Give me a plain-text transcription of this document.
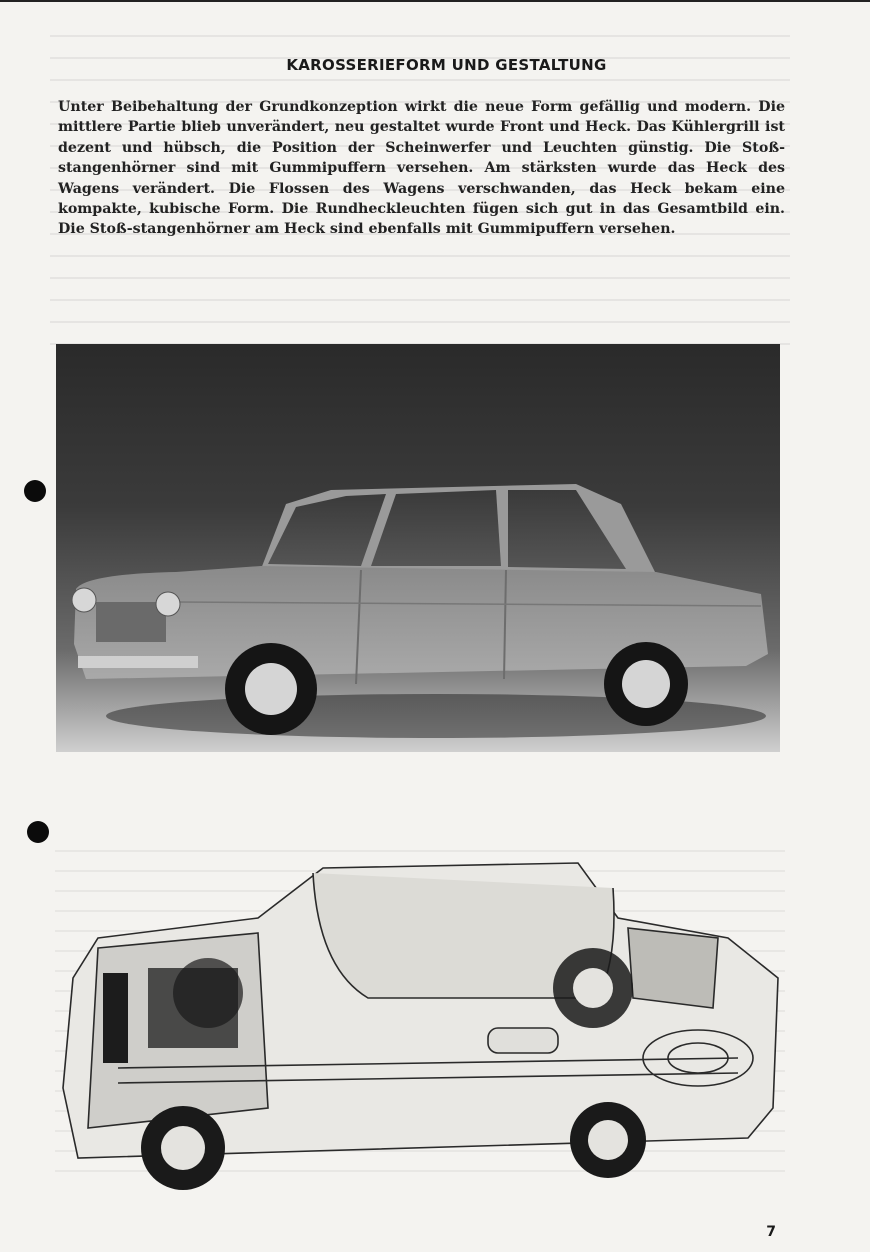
KAROSSERIEFORM UND GESTALTUNG
Unter Beibehaltung der Grundkonzeption wirkt die neue Form gefällig und modern. Die mittlere Partie blieb unverändert, neu gestaltet wurde Front und Heck. Das Kühlergrill ist dezent und hübsch, die Position der Scheinwerfer und Leuchten günstig. Die Stoß-stangenhörner sind mit Gummipuffern versehen. Am stärksten wurde das Heck des Wagens verändert. Die Flossen des Wagens verschwanden, das Heck bekam eine kompakte, kubische Form. Die Rundheckleuchten fügen sich gut in das Gesamtbild ein. Die Stoß-stangenhörner am Heck sind ebenfalls mit Gummipuffern versehen.
7
